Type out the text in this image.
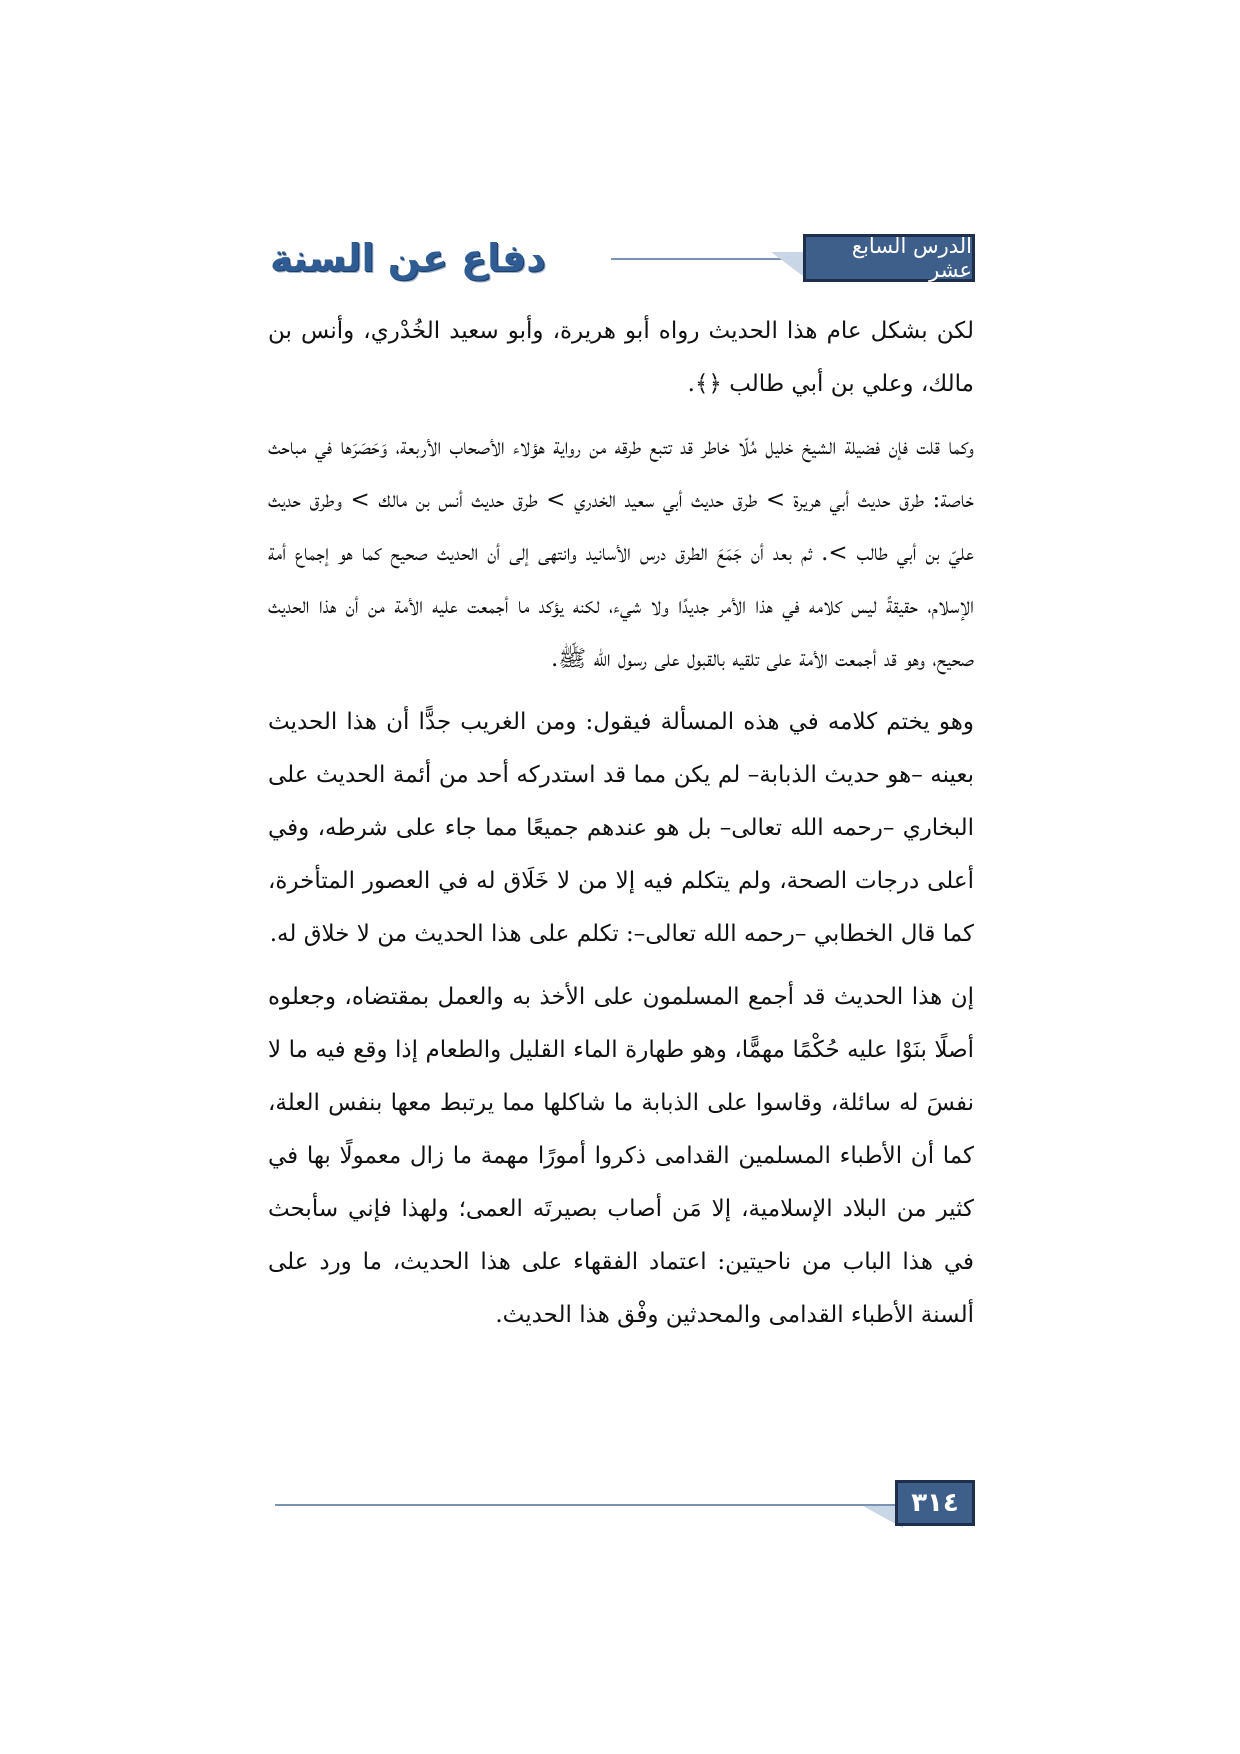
دفاع عن السنة	الدرس السابع عشر

لكن بشكل عام هذا الحديث رواه أبو هريرة، وأبو سعيد الخُدْري، وأنس بن مالك، وعلي بن أبي طالب ﴿﴾.

وكما قلت فإن فضيلة الشيخ خليل مُلّا خاطر قد تتبع طرقه من رواية هؤلاء الأصحاب الأربعة، وَحَصَرَها في مباحث خاصة: طرق حديث أبي هريرة > طرق حديث أبي سعيد الخدري > طرق حديث أنس بن مالك > وطرق حديث عليّ بن أبي طالب >. ثم بعد أن جَمَعَ الطرق درس الأسانيد وانتهى إلى أن الحديث صحيح كما هو إجماع أمة الإسلام، حقيقةً ليس كلامه في هذا الأمر جديدًا ولا شيء، لكنه يؤكد ما أجمعت عليه الأمة من أن هذا الحديث صحيح، وهو قد أجمعت الأمة على تلقيه بالقبول على رسول الله ﷺ.

وهو يختم كلامه في هذه المسألة فيقول: ومن الغريب جدًّا أن هذا الحديث بعينه –هو حديث الذبابة– لم يكن مما قد استدركه أحد من أئمة الحديث على البخاري –رحمه الله تعالى– بل هو عندهم جميعًا مما جاء على شرطه، وفي أعلى درجات الصحة، ولم يتكلم فيه إلا من لا خَلَاق له في العصور المتأخرة، كما قال الخطابي –رحمه الله تعالى–: تكلم على هذا الحديث من لا خلاق له.

إن هذا الحديث قد أجمع المسلمون على الأخذ به والعمل بمقتضاه، وجعلوه أصلًا بنَوْا عليه حُكْمًا مهمًّا، وهو طهارة الماء القليل والطعام إذا وقع فيه ما لا نفسَ له سائلة، وقاسوا على الذبابة ما شاكلها مما يرتبط معها بنفس العلة، كما أن الأطباء المسلمين القدامى ذكروا أمورًا مهمة ما زال معمولًا بها في كثير من البلاد الإسلامية، إلا مَن أصاب بصيرتَه العمى؛ ولهذا فإني سأبحث في هذا الباب من ناحيتين: اعتماد الفقهاء على هذا الحديث، ما ورد على ألسنة الأطباء القدامى والمحدثين وفْق هذا الحديث.

٣١٤
